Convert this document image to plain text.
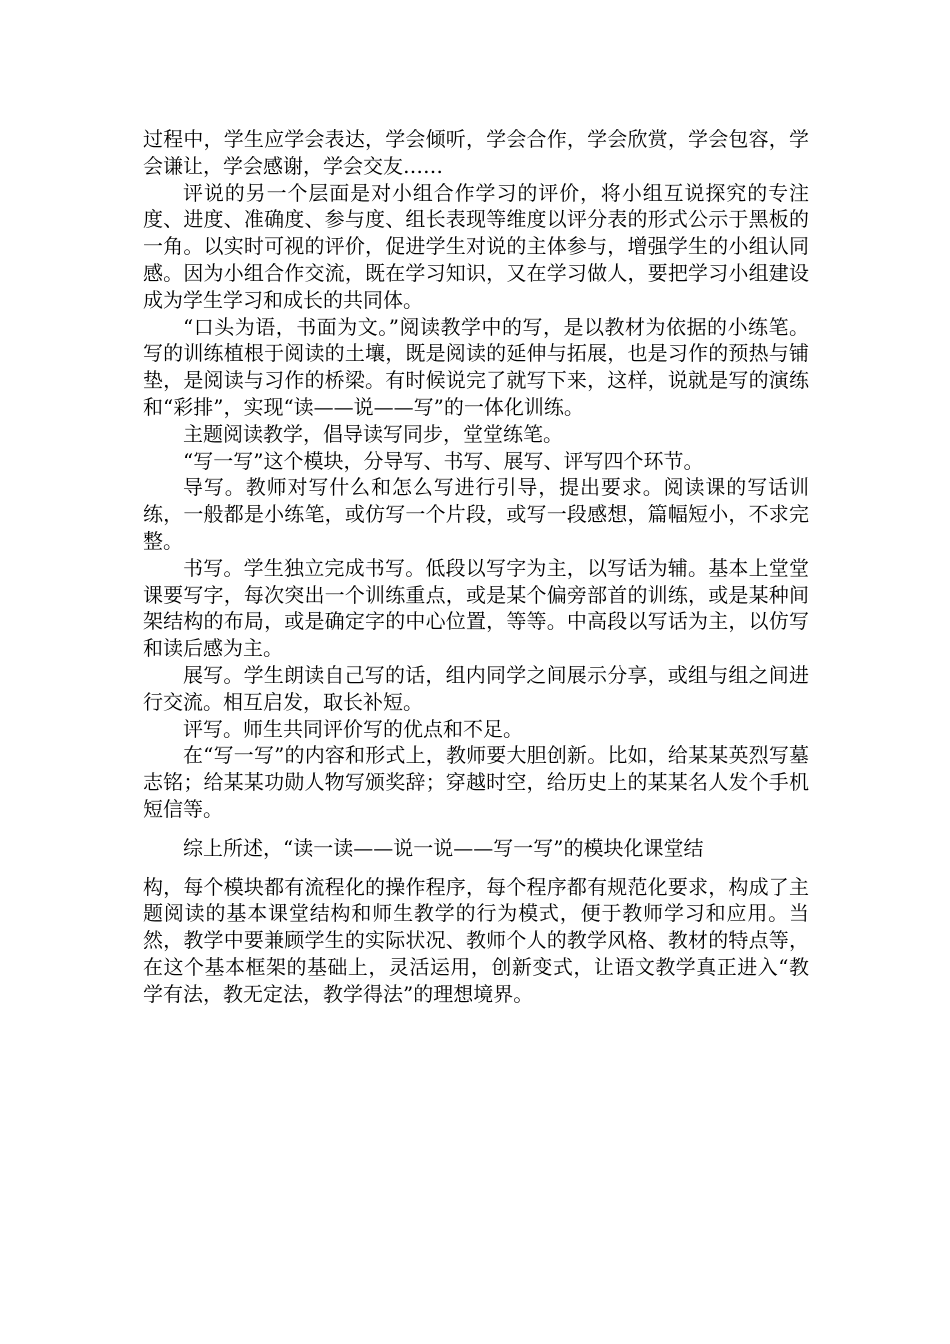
过程中，学生应学会表达，学会倾听，学会合作，学会欣赏，学会包容，学会谦让，学会感谢，学会交友……

评说的另一个层面是对小组合作学习的评价，将小组互说探究的专注度、进度、准确度、参与度、组长表现等维度以评分表的形式公示于黑板的一角。以实时可视的评价，促进学生对说的主体参与，增强学生的小组认同感。因为小组合作交流，既在学习知识，又在学习做人，要把学习小组建设成为学生学习和成长的共同体。

“口头为语，书面为文。”阅读教学中的写，是以教材为依据的小练笔。写的训练植根于阅读的土壤，既是阅读的延伸与拓展，也是习作的预热与铺垫，是阅读与习作的桥梁。有时候说完了就写下来，这样，说就是写的演练和“彩排”，实现“读——说——写”的一体化训练。

主题阅读教学，倡导读写同步，堂堂练笔。

“写一写”这个模块，分导写、书写、展写、评写四个环节。

导写。教师对写什么和怎么写进行引导，提出要求。阅读课的写话训练，一般都是小练笔，或仿写一个片段，或写一段感想，篇幅短小，不求完整。

书写。学生独立完成书写。低段以写字为主，以写话为辅。基本上堂堂课要写字，每次突出一个训练重点，或是某个偏旁部首的训练，或是某种间架结构的布局，或是确定字的中心位置，等等。中高段以写话为主，以仿写和读后感为主。

展写。学生朗读自己写的话，组内同学之间展示分享，或组与组之间进行交流。相互启发，取长补短。

评写。师生共同评价写的优点和不足。

在“写一写”的内容和形式上，教师要大胆创新。比如，给某某英烈写墓志铭；给某某功勋人物写颁奖辞；穿越时空，给历史上的某某名人发个手机短信等。

综上所述，“读一读——说一说——写一写”的模块化课堂结

构，每个模块都有流程化的操作程序，每个程序都有规范化要求，构成了主题阅读的基本课堂结构和师生教学的行为模式，便于教师学习和应用。当然，教学中要兼顾学生的实际状况、教师个人的教学风格、教材的特点等，在这个基本框架的基础上，灵活运用，创新变式，让语文教学真正进入“教学有法，教无定法，教学得法”的理想境界。
